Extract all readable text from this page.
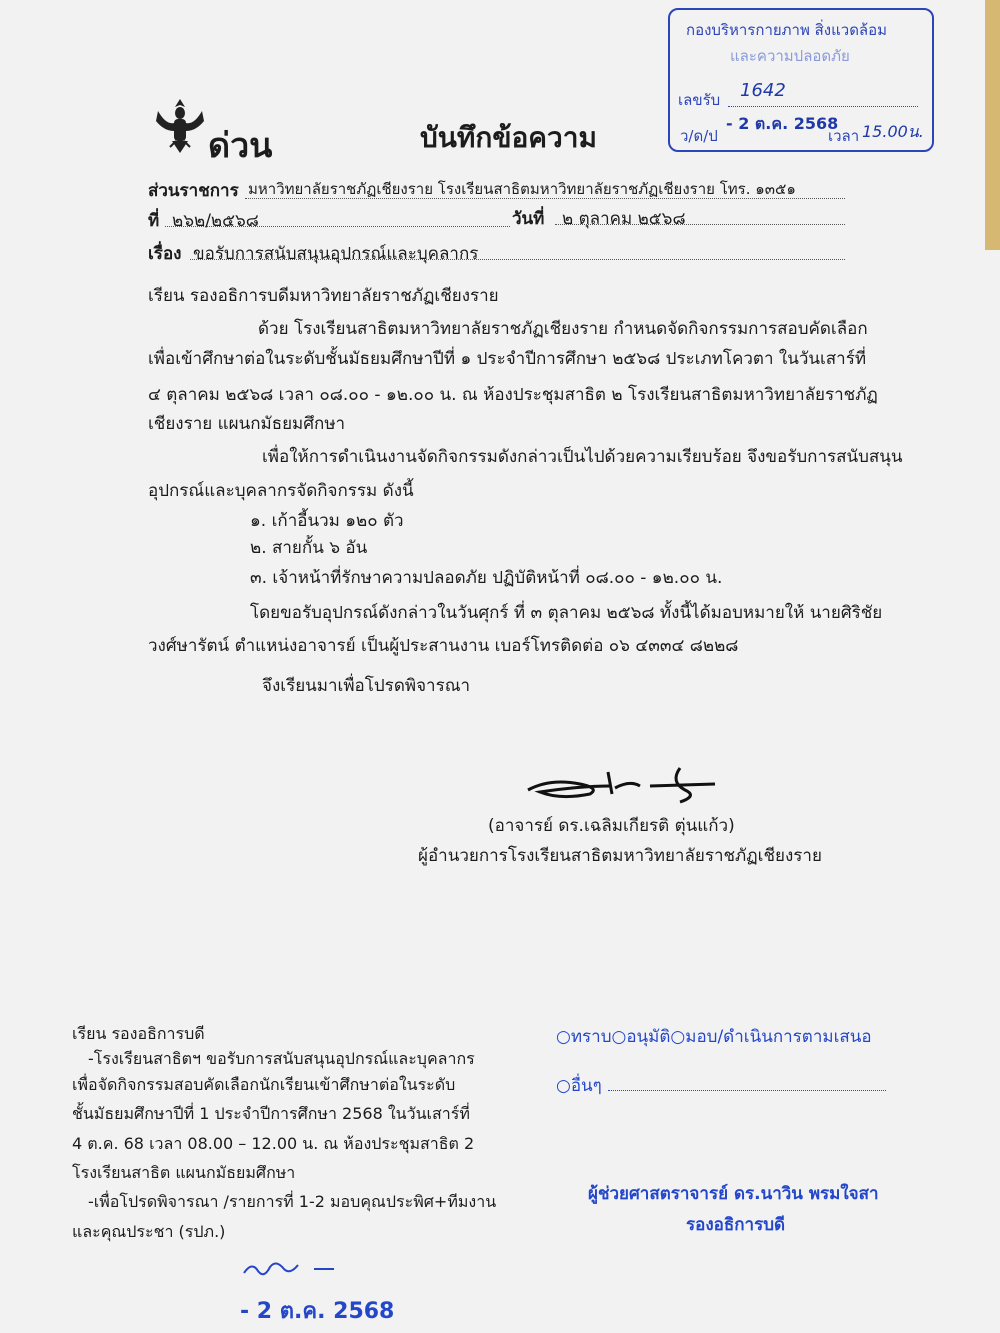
ด่วน	บันทึกข้อความ
กองบริหารกายภาพ สิ่งแวดล้อม
และความปลอดภัย
เลขรับ 1642
ว/ด/ป
- 2 ต.ค. 2568
เวลา 15.00น.
ส่วนราชการ มหาวิทยาลัยราชภัฏเชียงราย โรงเรียนสาธิตมหาวิทยาลัยราชภัฏเชียงราย โทร. ๑๓๕๑
ที่ ๒๖๒/๒๕๖๘	วันที่ ๒ ตุลาคม ๒๕๖๘
เรื่อง ขอรับการสนับสนุนอุปกรณ์และบุคลากร
เรียน รองอธิการบดีมหาวิทยาลัยราชภัฏเชียงราย
ด้วย โรงเรียนสาธิตมหาวิทยาลัยราชภัฏเชียงราย กำหนดจัดกิจกรรมการสอบคัดเลือก
เพื่อเข้าศึกษาต่อในระดับชั้นมัธยมศึกษาปีที่ ๑ ประจำปีการศึกษา ๒๕๖๘ ประเภทโควตา ในวันเสาร์ที่
๔ ตุลาคม ๒๕๖๘ เวลา ๐๘.๐๐ - ๑๒.๐๐ น. ณ ห้องประชุมสาธิต ๒ โรงเรียนสาธิตมหาวิทยาลัยราชภัฏ
เชียงราย แผนกมัธยมศึกษา
เพื่อให้การดำเนินงานจัดกิจกรรมดังกล่าวเป็นไปด้วยความเรียบร้อย จึงขอรับการสนับสนุน
อุปกรณ์และบุคลากรจัดกิจกรรม ดังนี้
๑. เก้าอี้นวม ๑๒๐ ตัว
๒. สายกั้น ๖ อัน
๓. เจ้าหน้าที่รักษาความปลอดภัย ปฏิบัติหน้าที่ ๐๘.๐๐ - ๑๒.๐๐ น.
โดยขอรับอุปกรณ์ดังกล่าวในวันศุกร์ ที่ ๓ ตุลาคม ๒๕๖๘ ทั้งนี้ได้มอบหมายให้ นายศิริชัย
วงศ์ษารัตน์ ตำแหน่งอาจารย์ เป็นผู้ประสานงาน เบอร์โทรติดต่อ ๐๖ ๔๓๓๔ ๘๒๒๘
จึงเรียนมาเพื่อโปรดพิจารณา
(อาจารย์ ดร.เฉลิมเกียรติ ตุ่นแก้ว)
ผู้อำนวยการโรงเรียนสาธิตมหาวิทยาลัยราชภัฏเชียงราย
เรียน รองอธิการบดี
-โรงเรียนสาธิตฯ ขอรับการสนับสนุนอุปกรณ์และบุคลากร
เพื่อจัดกิจกรรมสอบคัดเลือกนักเรียนเข้าศึกษาต่อในระดับ
ชั้นมัธยมศึกษาปีที่ 1 ประจำปีการศึกษา 2568 ในวันเสาร์ที่
4 ต.ค. 68 เวลา 08.00 – 12.00 น. ณ ห้องประชุมสาธิต 2
โรงเรียนสาธิต แผนกมัธยมศึกษา
-เพื่อโปรดพิจารณา /รายการที่ 1-2 มอบคุณประพิศ+ทีมงาน
และคุณประชา (รปภ.)
- 2 ต.ค. 2568
○ทราบ○อนุมัติ○มอบ/ดำเนินการตามเสนอ
○อื่นๆ
ผู้ช่วยศาสตราจารย์ ดร.นาวิน พรมใจสา
รองอธิการบดี
